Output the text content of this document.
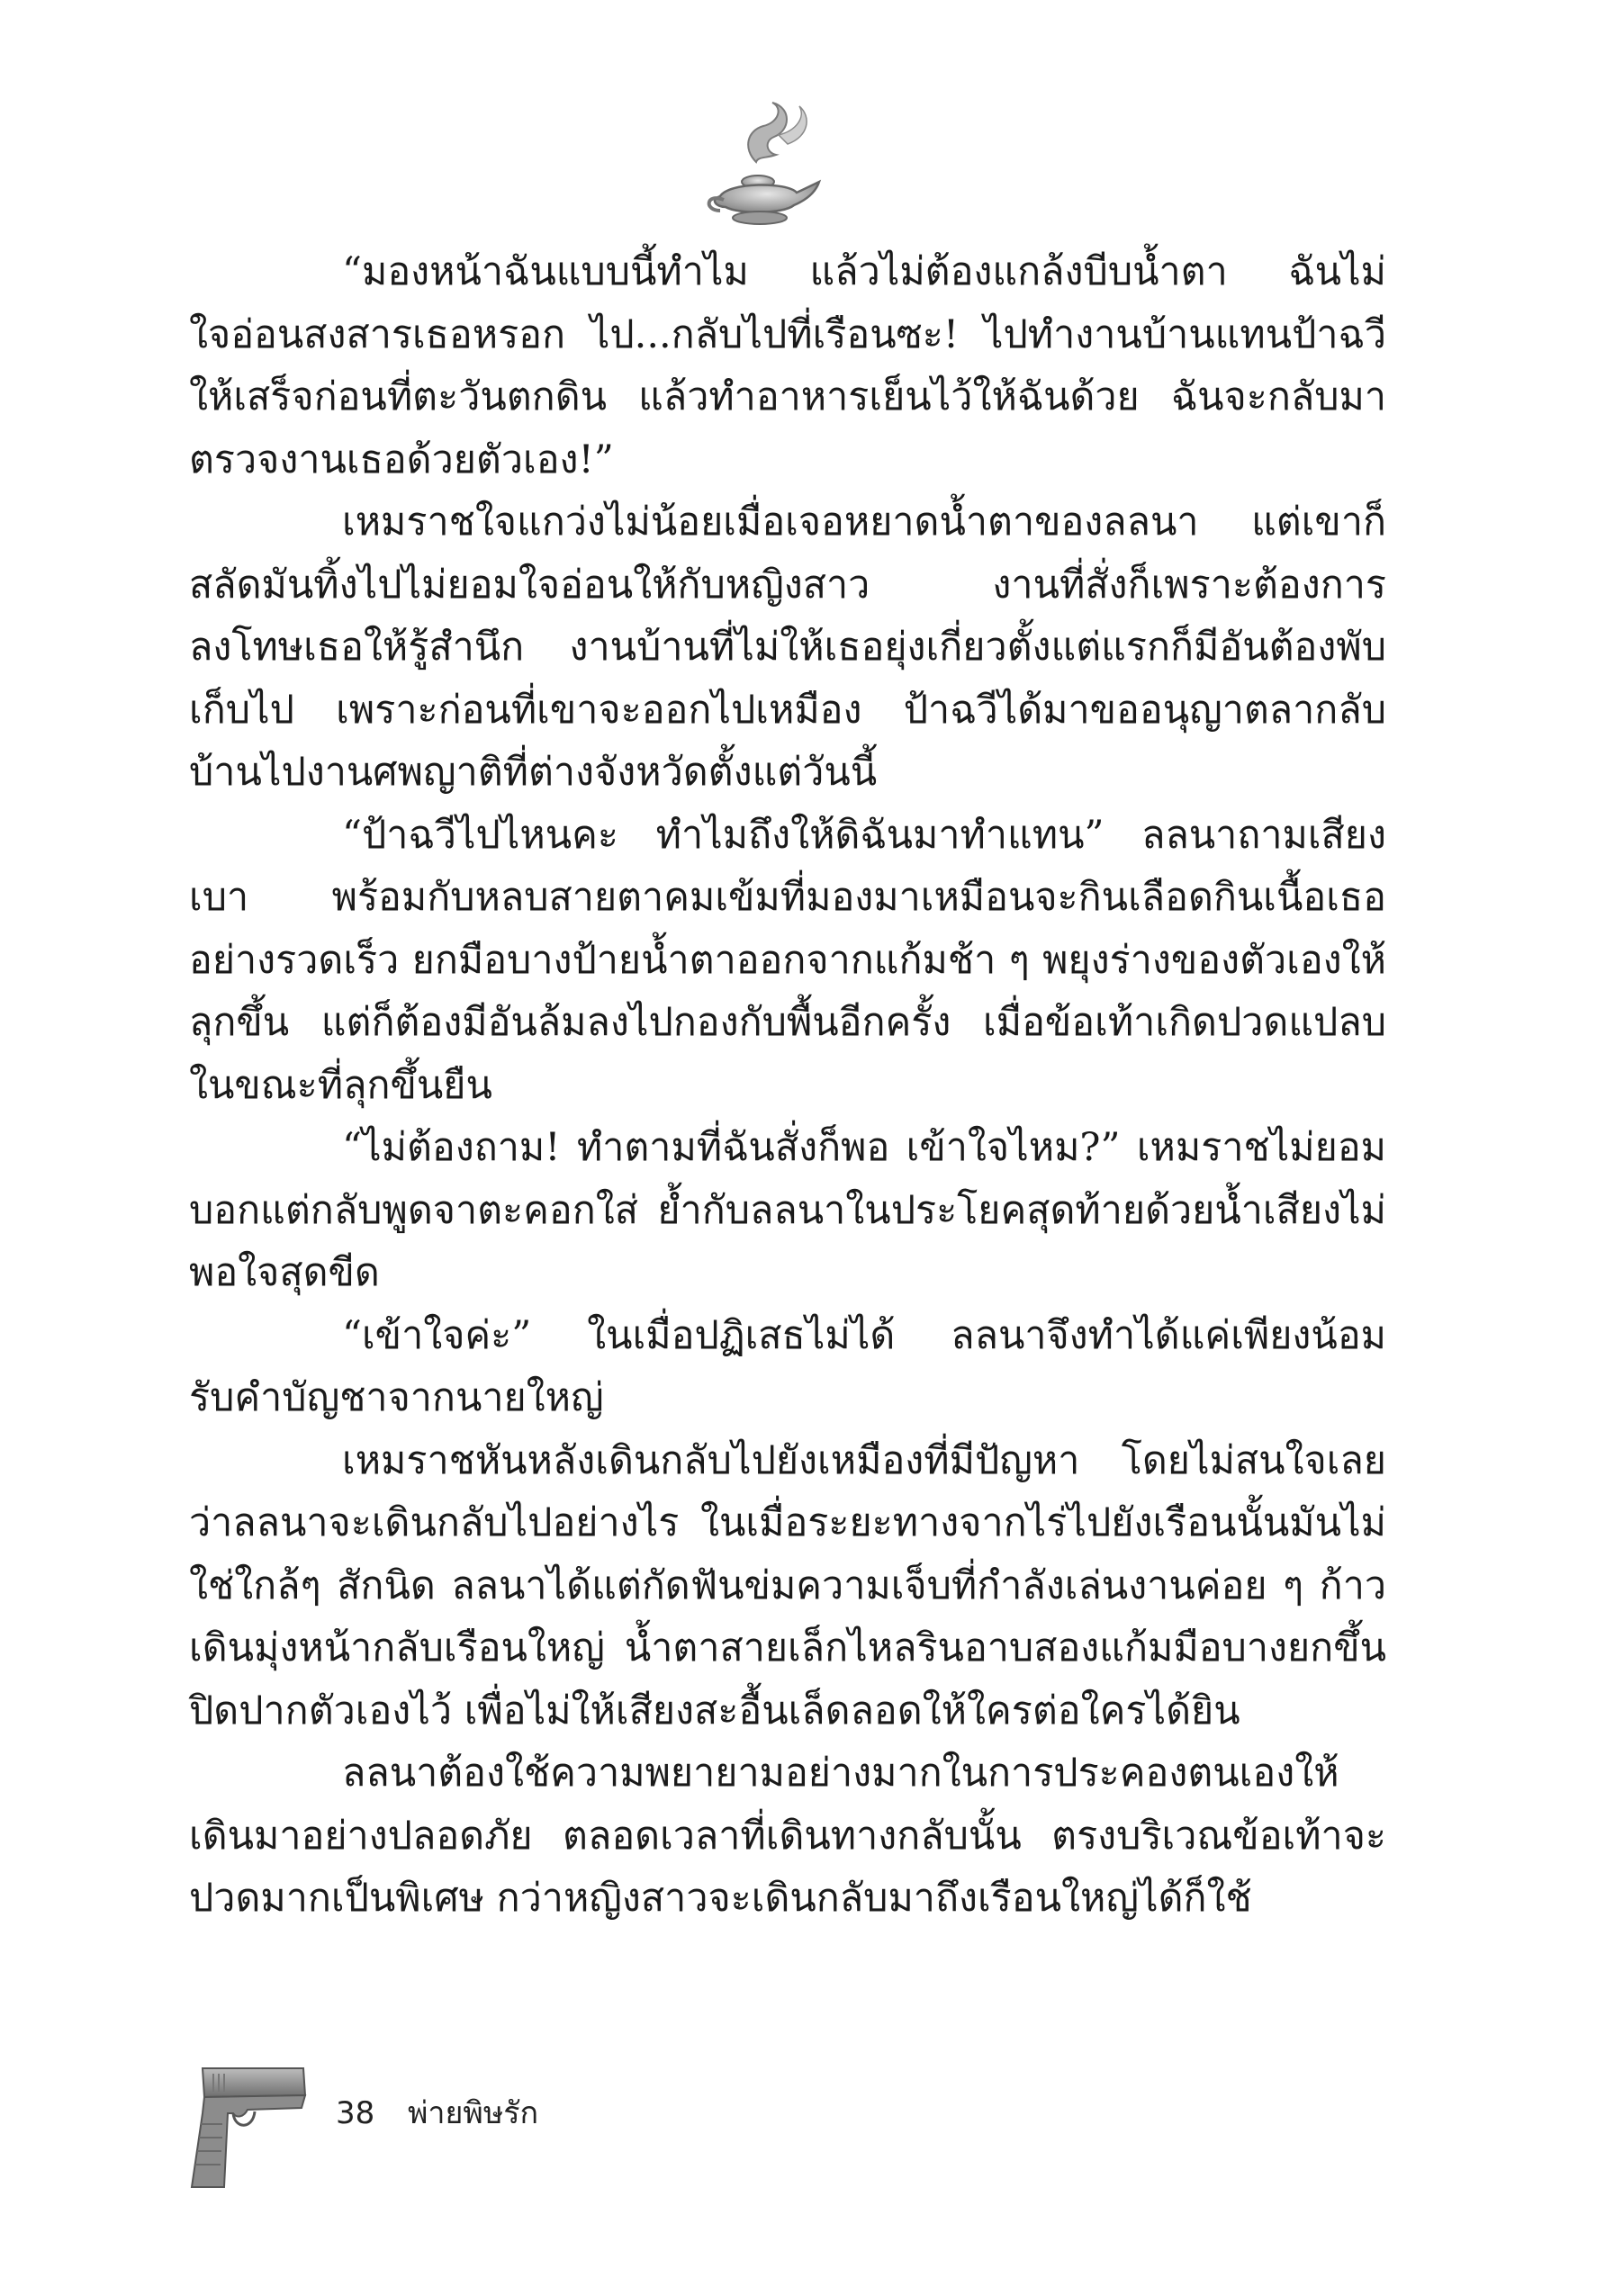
“มองหน้าฉันแบบนี้ทำไม แล้วไม่ต้องแกล้งบีบน้ำตา ฉันไม่ใจอ่อนสงสารเธอหรอก ไป...กลับไปที่เรือนซะ! ไปทำงานบ้านแทนป้าฉวีให้เสร็จก่อนที่ตะวันตกดิน แล้วทำอาหารเย็นไว้ให้ฉันด้วย ฉันจะกลับมาตรวจงานเธอด้วยตัวเอง!”

เหมราชใจแกว่งไม่น้อยเมื่อเจอหยาดน้ำตาของลลนา แต่เขาก็สลัดมันทิ้งไปไม่ยอมใจอ่อนให้กับหญิงสาว งานที่สั่งก็เพราะต้องการลงโทษเธอให้รู้สำนึก งานบ้านที่ไม่ให้เธอยุ่งเกี่ยวตั้งแต่แรกก็มีอันต้องพับเก็บไป เพราะก่อนที่เขาจะออกไปเหมือง ป้าฉวีได้มาขออนุญาตลากลับบ้านไปงานศพญาติที่ต่างจังหวัดตั้งแต่วันนี้

“ป้าฉวีไปไหนคะ ทำไมถึงให้ดิฉันมาทำแทน” ลลนาถามเสียงเบา พร้อมกับหลบสายตาคมเข้มที่มองมาเหมือนจะกินเลือดกินเนื้อเธออย่างรวดเร็ว ยกมือบางป้ายน้ำตาออกจากแก้มช้า ๆ พยุงร่างของตัวเองให้ลุกขึ้น แต่ก็ต้องมีอันล้มลงไปกองกับพื้นอีกครั้ง เมื่อข้อเท้าเกิดปวดแปลบในขณะที่ลุกขึ้นยืน

“ไม่ต้องถาม! ทำตามที่ฉันสั่งก็พอ เข้าใจไหม?” เหมราชไม่ยอมบอกแต่กลับพูดจาตะคอกใส่ ย้ำกับลลนาในประโยคสุดท้ายด้วยน้ำเสียงไม่พอใจสุดขีด

“เข้าใจค่ะ” ในเมื่อปฏิเสธไม่ได้ ลลนาจึงทำได้แค่เพียงน้อมรับคำบัญชาจากนายใหญ่

เหมราชหันหลังเดินกลับไปยังเหมืองที่มีปัญหา โดยไม่สนใจเลยว่าลลนาจะเดินกลับไปอย่างไร ในเมื่อระยะทางจากไร่ไปยังเรือนนั้นมันไม่ใช่ใกล้ๆ สักนิด ลลนาได้แต่กัดฟันข่มความเจ็บที่กำลังเล่นงานค่อย ๆ ก้าวเดินมุ่งหน้ากลับเรือนใหญ่ น้ำตาสายเล็กไหลรินอาบสองแก้มมือบางยกขึ้นปิดปากตัวเองไว้ เพื่อไม่ให้เสียงสะอื้นเล็ดลอดให้ใครต่อใครได้ยิน

ลลนาต้องใช้ความพยายามอย่างมากในการประคองตนเองให้เดินมาอย่างปลอดภัย ตลอดเวลาที่เดินทางกลับนั้น ตรงบริเวณข้อเท้าจะปวดมากเป็นพิเศษ กว่าหญิงสาวจะเดินกลับมาถึงเรือนใหญ่ได้ก็ใช้

38 พ่ายพิษรัก
